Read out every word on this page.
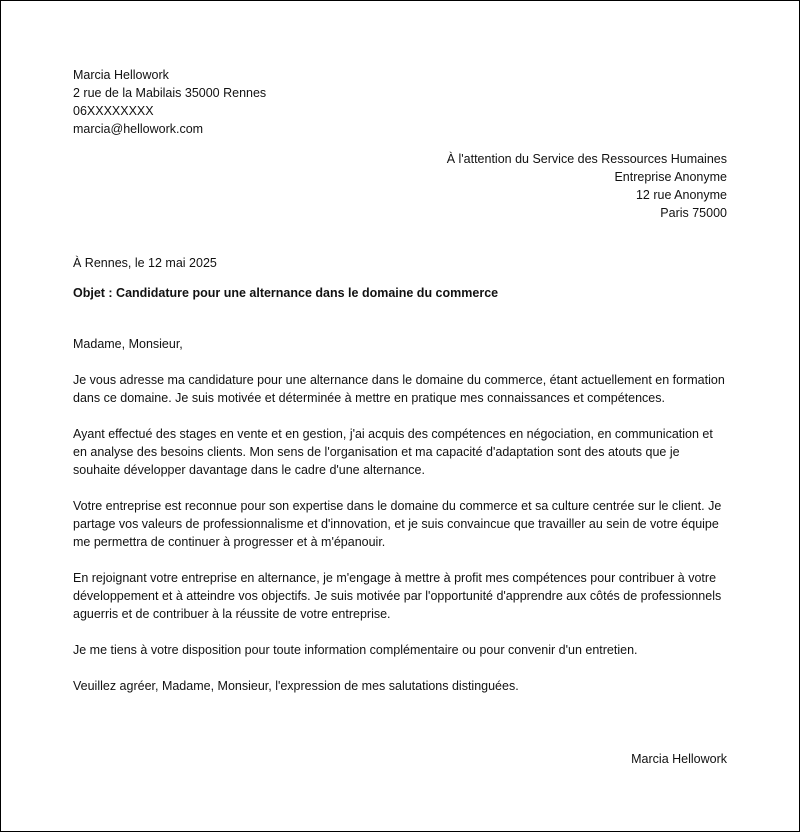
Marcia Hellowork
2 rue de la Mabilais 35000 Rennes
06XXXXXXXX
marcia@hellowork.com
À l'attention du Service des Ressources Humaines
Entreprise Anonyme
12 rue Anonyme
Paris 75000
À Rennes, le 12 mai 2025
Objet : Candidature pour une alternance dans le domaine du commerce

Madame, Monsieur,

Je vous adresse ma candidature pour une alternance dans le domaine du commerce, étant actuellement en formation dans ce domaine. Je suis motivée et déterminée à mettre en pratique mes connaissances et compétences.

Ayant effectué des stages en vente et en gestion, j'ai acquis des compétences en négociation, en communication et en analyse des besoins clients. Mon sens de l'organisation et ma capacité d'adaptation sont des atouts que je souhaite développer davantage dans le cadre d'une alternance.

Votre entreprise est reconnue pour son expertise dans le domaine du commerce et sa culture centrée sur le client. Je partage vos valeurs de professionnalisme et d'innovation, et je suis convaincue que travailler au sein de votre équipe me permettra de continuer à progresser et à m'épanouir.

En rejoignant votre entreprise en alternance, je m'engage à mettre à profit mes compétences pour contribuer à votre développement et à atteindre vos objectifs. Je suis motivée par l'opportunité d'apprendre aux côtés de professionnels aguerris et de contribuer à la réussite de votre entreprise.

Je me tiens à votre disposition pour toute information complémentaire ou pour convenir d'un entretien.

Veuillez agréer, Madame, Monsieur, l'expression de mes salutations distinguées.

Marcia Hellowork
